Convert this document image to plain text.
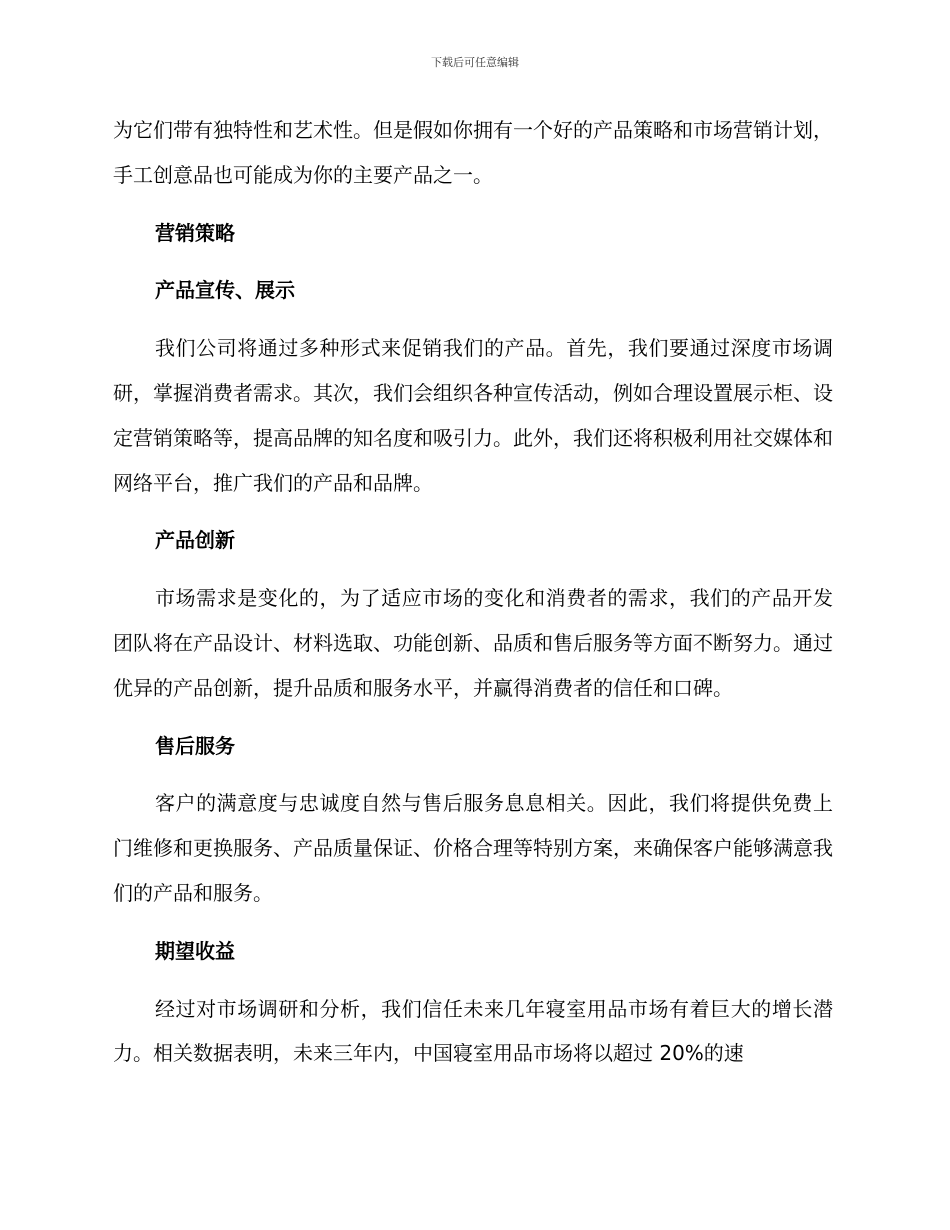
下载后可任意编辑

为它们带有独特性和艺术性。但是假如你拥有一个好的产品策略和市场营销计划，手工创意品也可能成为你的主要产品之一。

营销策略
产品宣传、展示

我们公司将通过多种形式来促销我们的产品。首先，我们要通过深度市场调研，掌握消费者需求。其次，我们会组织各种宣传活动，例如合理设置展示柜、设定营销策略等，提高品牌的知名度和吸引力。此外，我们还将积极利用社交媒体和网络平台，推广我们的产品和品牌。

产品创新

市场需求是变化的，为了适应市场的变化和消费者的需求，我们的产品开发团队将在产品设计、材料选取、功能创新、品质和售后服务等方面不断努力。通过优异的产品创新，提升品质和服务水平，并赢得消费者的信任和口碑。

售后服务

客户的满意度与忠诚度自然与售后服务息息相关。因此，我们将提供免费上门维修和更换服务、产品质量保证、价格合理等特别方案，来确保客户能够满意我们的产品和服务。

期望收益

经过对市场调研和分析，我们信任未来几年寝室用品市场有着巨大的增长潜力。相关数据表明，未来三年内，中国寝室用品市场将以超过 20%的速
